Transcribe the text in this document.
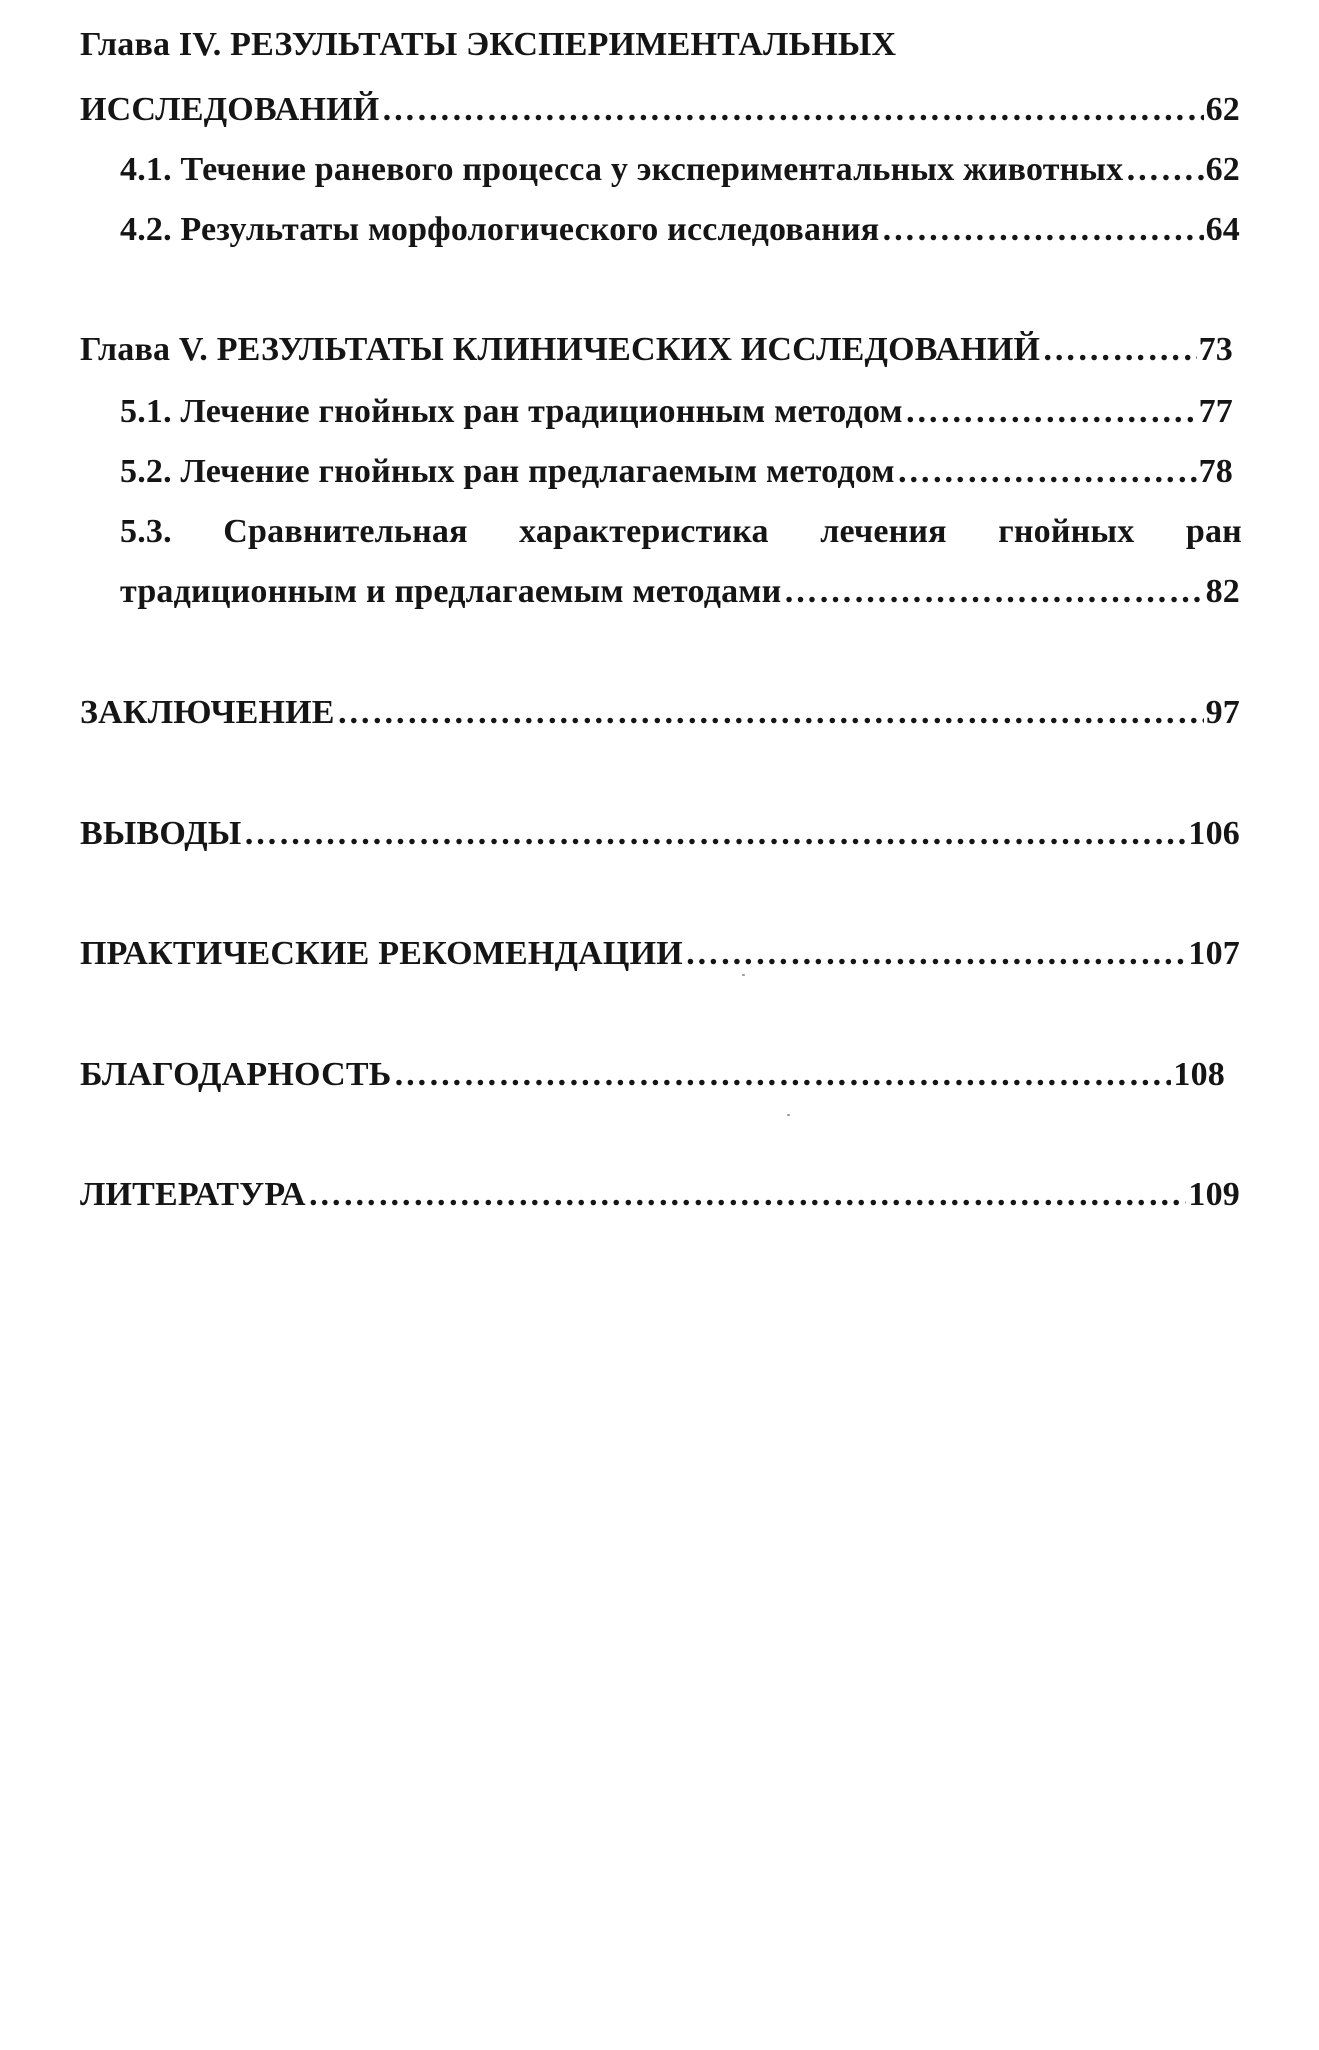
Глава IV. РЕЗУЛЬТАТЫ ЭКСПЕРИМЕНТАЛЬНЫХ
ИССЛЕДОВАНИЙ ………………………………………………………………………………………………………………………………………………………………………………………………………………………………………	62
4.1. Течение раневого процесса у экспериментальных животных ……………………………………………………………………………………………………………………………………………………………………………………………………………………………………… 62
4.2. Результаты морфологического исследования ………………………………………………………………………………………………………………………………………………………………………………………………………………………………………	64
Глава V. РЕЗУЛЬТАТЫ КЛИНИЧЕСКИХ ИССЛЕДОВАНИЙ ………………………………………………………………………………………………………………………………………………………………………………………………………………………………………	73
5.1. Лечение гнойных ран традиционным методом ………………………………………………………………………………………………………………………………………………………………………………………………………………………………………	77
5.2. Лечение гнойных ран предлагаемым методом ………………………………………………………………………………………………………………………………………………………………………………………………………………………………………	78
5.3. Сравнительная характеристика лечения гнойных ран
традиционным и предлагаемым методами ………………………………………………………………………………………………………………………………………………………………………………………………………………………………………	82
ЗАКЛЮЧЕНИЕ ………………………………………………………………………………………………………………………………………………………………………………………………………………………………………	97
ВЫВОДЫ ………………………………………………………………………………………………………………………………………………………………………………………………………………………………………	106
ПРАКТИЧЕСКИЕ РЕКОМЕНДАЦИИ ………………………………………………………………………………………………………………………………………………………………………………………………………………………………………	107
БЛАГОДАРНОСТЬ ………………………………………………………………………………………………………………………………………………………………………………………………………………………………………	108
ЛИТЕРАТУРА ………………………………………………………………………………………………………………………………………………………………………………………………………………………………………	109
